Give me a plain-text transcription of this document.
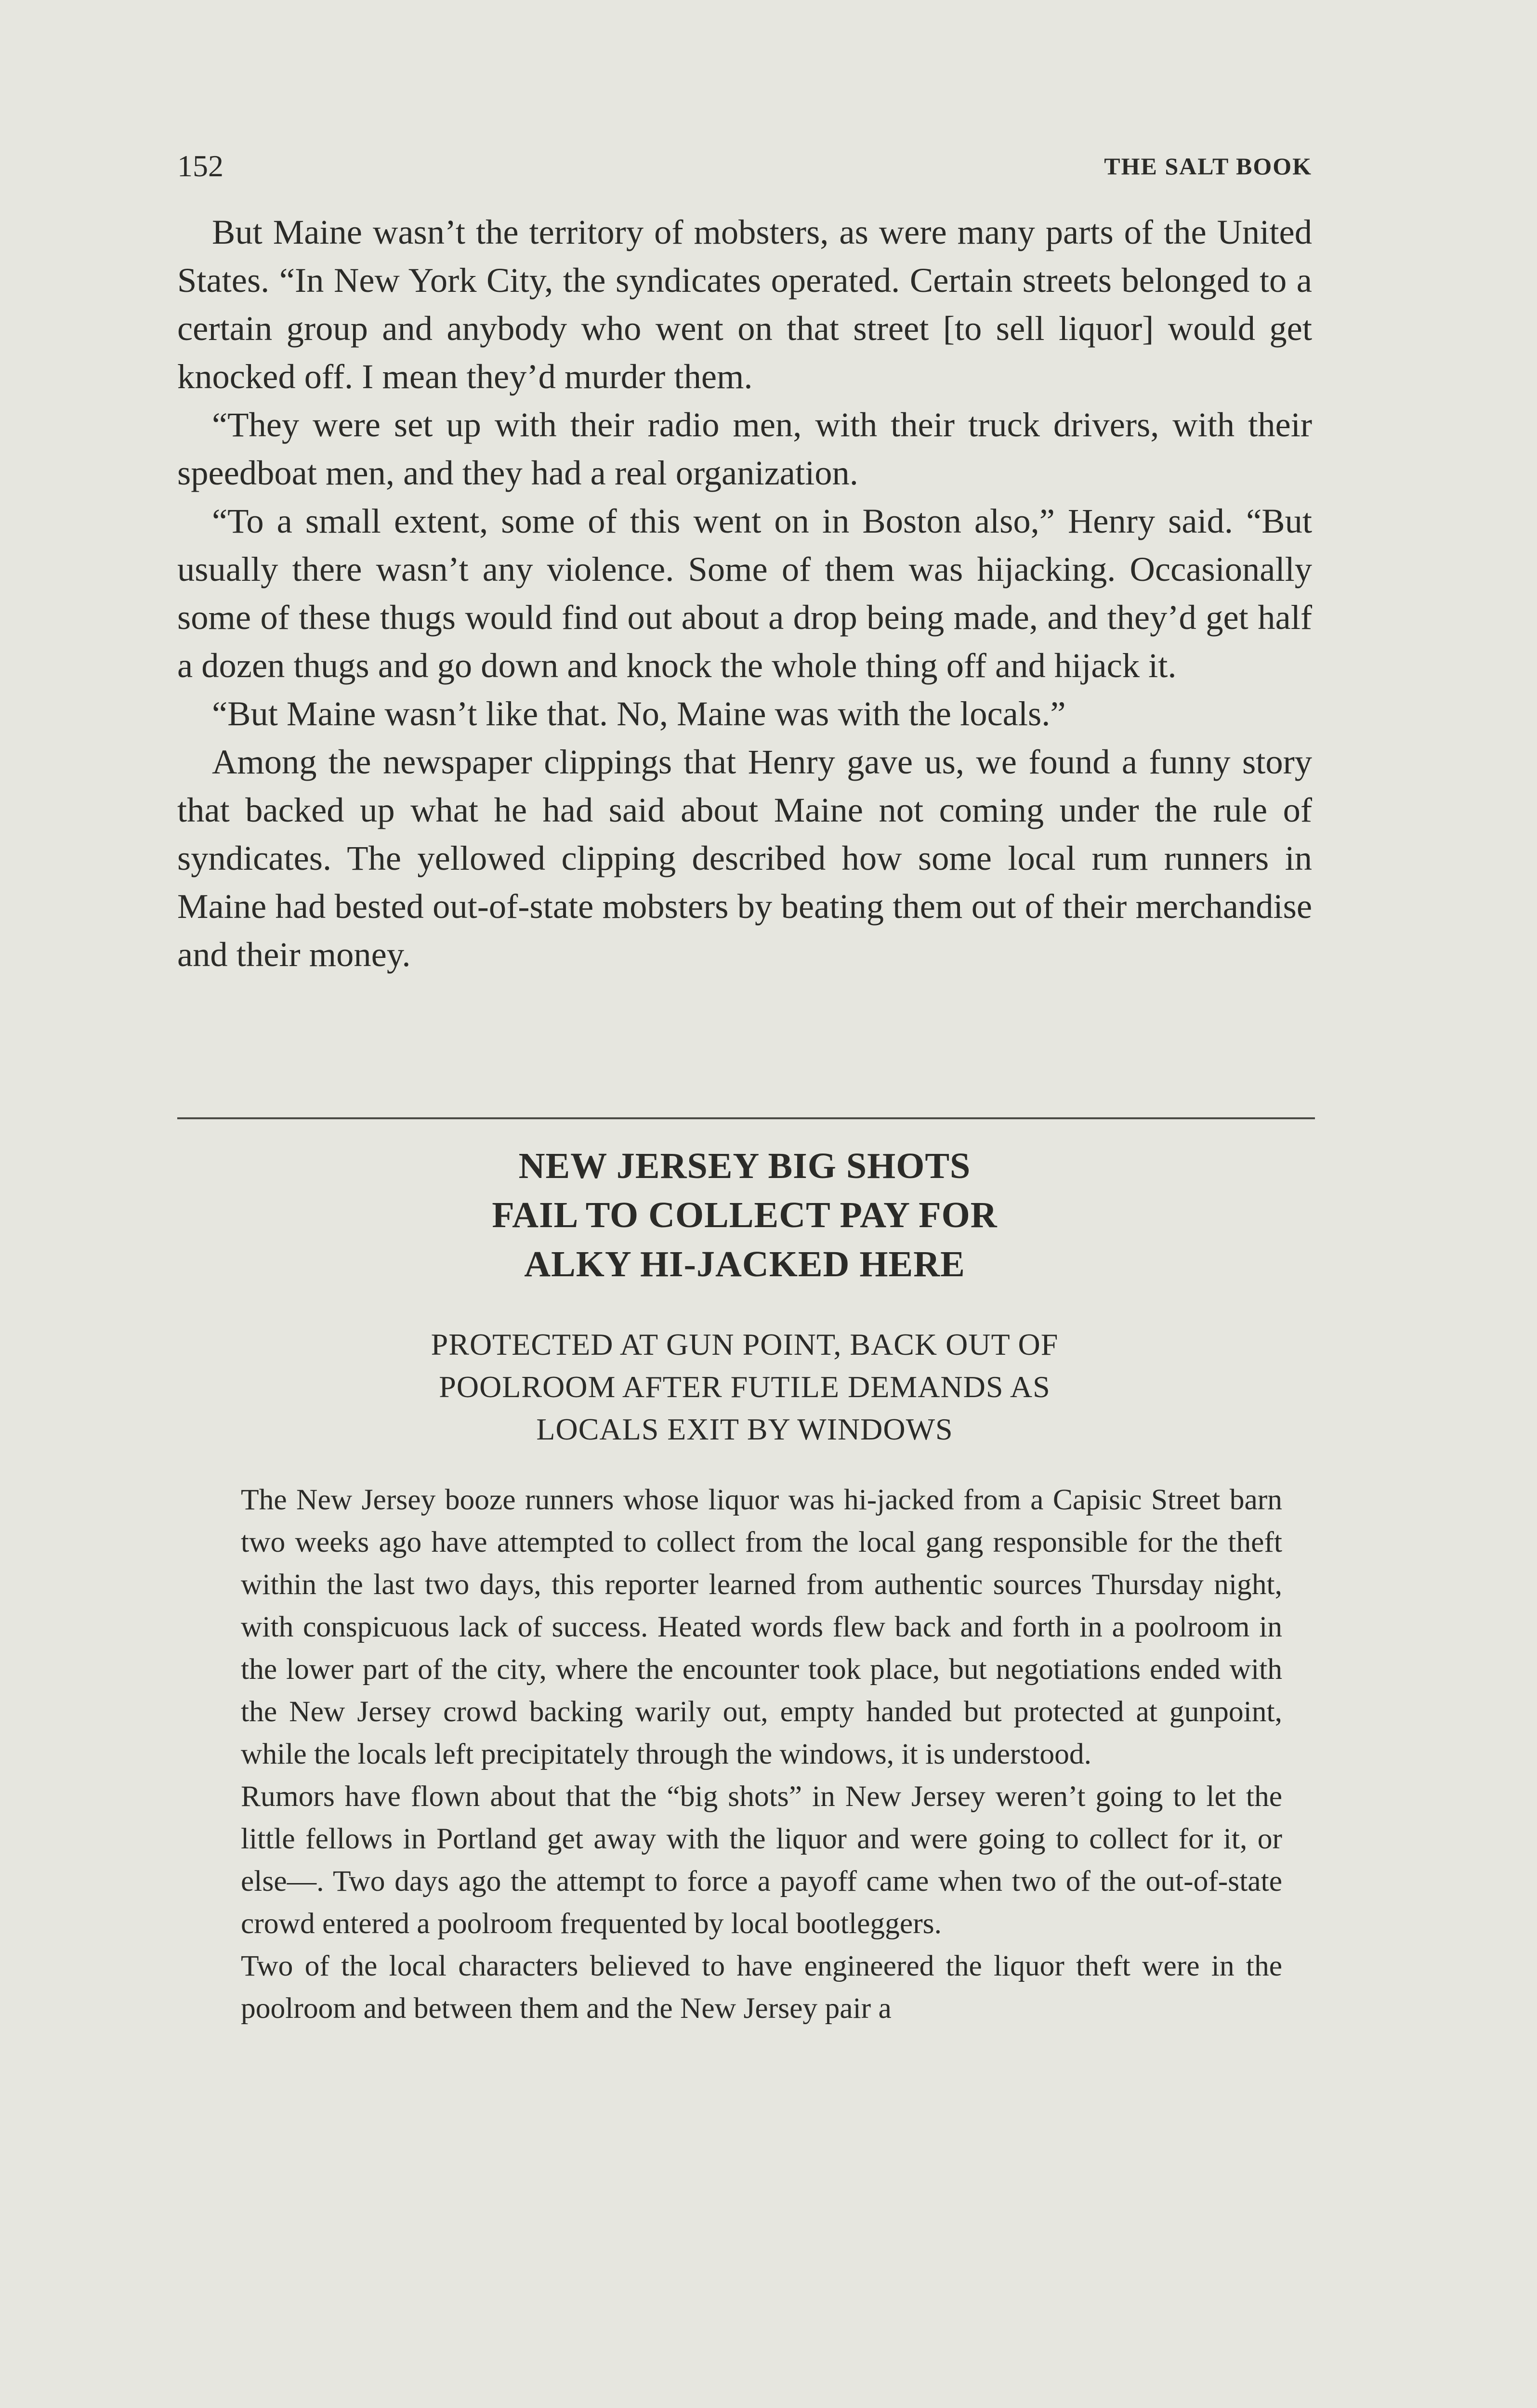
152	THE SALT BOOK

But Maine wasn’t the territory of mobsters, as were many parts of the United States. “In New York City, the syndicates operated. Certain streets belonged to a certain group and anybody who went on that street [to sell liquor] would get knocked off. I mean they’d murder them.

“They were set up with their radio men, with their truck drivers, with their speedboat men, and they had a real organization.

“To a small extent, some of this went on in Boston also,” Henry said. “But usually there wasn’t any violence. Some of them was hijacking. Occasionally some of these thugs would find out about a drop being made, and they’d get half a dozen thugs and go down and knock the whole thing off and hijack it.

“But Maine wasn’t like that. No, Maine was with the locals.”

Among the newspaper clippings that Henry gave us, we found a funny story that backed up what he had said about Maine not coming under the rule of syndicates. The yellowed clipping described how some local rum runners in Maine had bested out-of-state mobsters by beating them out of their merchandise and their money.

NEW JERSEY BIG SHOTS
FAIL TO COLLECT PAY FOR
ALKY HI-JACKED HERE
PROTECTED AT GUN POINT, BACK OUT OF
POOLROOM AFTER FUTILE DEMANDS AS
LOCALS EXIT BY WINDOWS

The New Jersey booze runners whose liquor was hi-jacked from a Capisic Street barn two weeks ago have attempted to collect from the local gang responsible for the theft within the last two days, this reporter learned from authentic sources Thursday night, with conspicuous lack of success. Heated words flew back and forth in a poolroom in the lower part of the city, where the encounter took place, but negotiations ended with the New Jersey crowd backing warily out, empty handed but protected at gunpoint, while the locals left precipitately through the windows, it is understood.

Rumors have flown about that the “big shots” in New Jersey weren’t going to let the little fellows in Portland get away with the liquor and were going to collect for it, or else—. Two days ago the attempt to force a payoff came when two of the out-of-state crowd entered a poolroom frequented by local bootleggers.

Two of the local characters believed to have engineered the liquor theft were in the poolroom and between them and the New Jersey pair a
